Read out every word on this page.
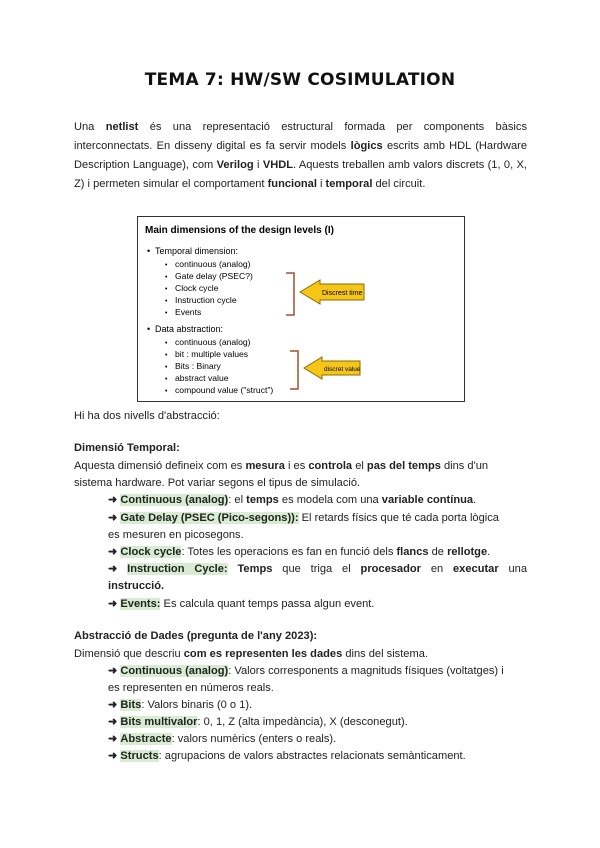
TEMA 7: HW/SW COSIMULATION

Una netlist és una representació estructural formada per components bàsics interconnectats. En disseny digital es fa servir models lògics escrits amb HDL (Hardware Description Language), com Verilog i VHDL. Aquests treballen amb valors discrets (1, 0, X, Z) i permeten simular el comportament funcional i temporal del circuit.

Main dimensions of the design levels (I)
• Temporal dimension:
• continuous (analog)
• Gate delay (PSEC?)
• Clock cycle
• Instruction cycle
• Events
Discrest time
• Data abstraction:
• continuous (analog)
• bit : multiple values
• Bits : Binary
• abstract value
• compound value ("struct")
discret value

Hi ha dos nivells d'abstracció:

Dimensió Temporal:

Aquesta dimensió defineix com es mesura i es controla el pas del temps dins d'un

sistema hardware. Pot variar segons el tipus de simulació.

➜ Continuous (analog): el temps es modela com una variable contínua.

➜ Gate Delay (PSEC (Pico-segons)): El retards físics que té cada porta lògica

es mesuren en picosegons.

➜ Clock cycle: Totes les operacions es fan en funció dels flancs de rellotge.

➜ Instruction Cycle: Temps que triga el procesador en executar una

instrucció.

➜ Events: Es calcula quant temps passa algun event.

Abstracció de Dades (pregunta de l'any 2023):

Dimensió que descriu com es representen les dades dins del sistema.

➜ Continuous (analog): Valors corresponents a magnituds físiques (voltatges) i

es representen en números reals.

➜ Bits: Valors binaris (0 o 1).

➜ Bits multivalor: 0, 1, Z (alta impedància), X (desconegut).

➜ Abstracte: valors numèrics (enters o reals).

➜ Structs: agrupacions de valors abstractes relacionats semànticament.
